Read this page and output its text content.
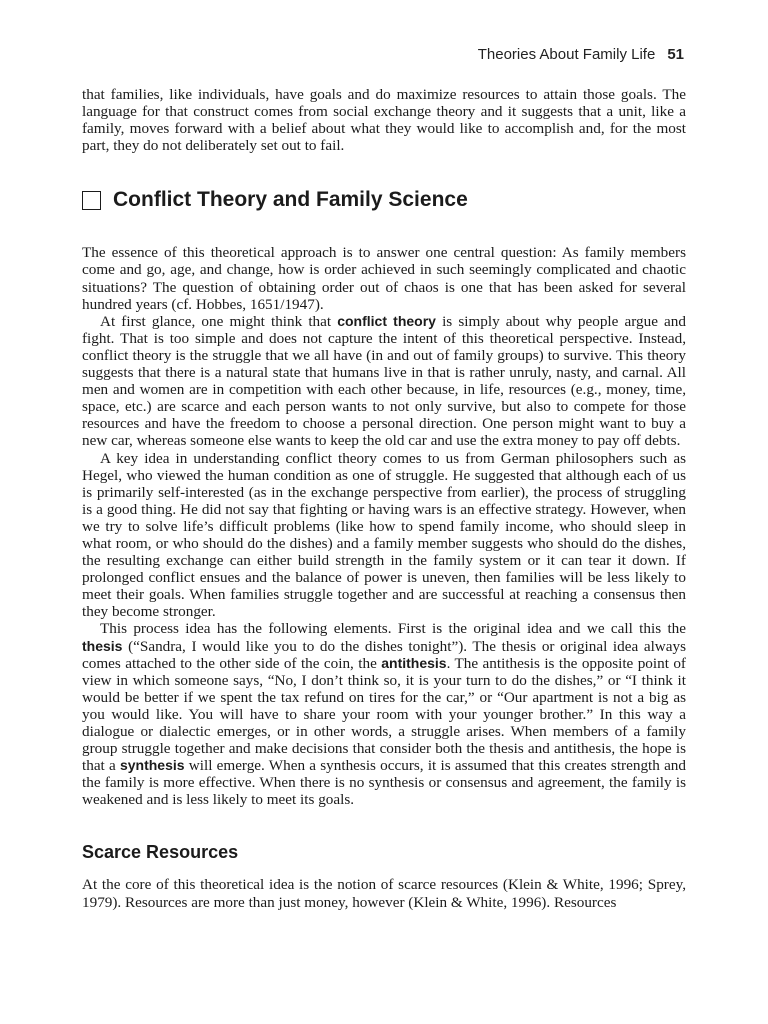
Theories About Family Life 51

that families, like individuals, have goals and do maximize resources to attain those goals. The language for that construct comes from social exchange theory and it suggests that a unit, like a family, moves forward with a belief about what they would like to accomplish and, for the most part, they do not deliberately set out to fail.

Conflict Theory and Family Science

The essence of this theoretical approach is to answer one central question: As family members come and go, age, and change, how is order achieved in such seemingly complicated and chaotic situations? The question of obtaining order out of chaos is one that has been asked for several hundred years (cf. Hobbes, 1651/1947).

At first glance, one might think that conflict theory is simply about why people argue and fight. That is too simple and does not capture the intent of this theoretical perspective. Instead, conflict theory is the struggle that we all have (in and out of family groups) to survive. This theory suggests that there is a natural state that humans live in that is rather unruly, nasty, and carnal. All men and women are in competition with each other because, in life, resources (e.g., money, time, space, etc.) are scarce and each person wants to not only survive, but also to compete for those resources and have the freedom to choose a personal direction. One person might want to buy a new car, whereas someone else wants to keep the old car and use the extra money to pay off debts.

A key idea in understanding conflict theory comes to us from German philosophers such as Hegel, who viewed the human condition as one of struggle. He suggested that although each of us is primarily self-interested (as in the exchange perspective from earlier), the process of struggling is a good thing. He did not say that fighting or having wars is an effective strategy. However, when we try to solve life’s difficult problems (like how to spend family income, who should sleep in what room, or who should do the dishes) and a family member suggests who should do the dishes, the resulting exchange can either build strength in the family system or it can tear it down. If prolonged conflict ensues and the balance of power is uneven, then families will be less likely to meet their goals. When families struggle together and are successful at reaching a consensus then they become stronger.

This process idea has the following elements. First is the original idea and we call this the thesis (“Sandra, I would like you to do the dishes tonight”). The thesis or original idea always comes attached to the other side of the coin, the antithesis. The antithesis is the opposite point of view in which someone says, “No, I don’t think so, it is your turn to do the dishes,” or “I think it would be better if we spent the tax refund on tires for the car,” or “Our apartment is not a big as you would like. You will have to share your room with your younger brother.” In this way a dialogue or dialectic emerges, or in other words, a struggle arises. When members of a family group struggle together and make decisions that consider both the thesis and antithesis, the hope is that a synthesis will emerge. When a synthesis occurs, it is assumed that this creates strength and the family is more effective. When there is no synthesis or consensus and agreement, the family is weakened and is less likely to meet its goals.

Scarce Resources

At the core of this theoretical idea is the notion of scarce resources (Klein & White, 1996; Sprey, 1979). Resources are more than just money, however (Klein & White, 1996). Resources
